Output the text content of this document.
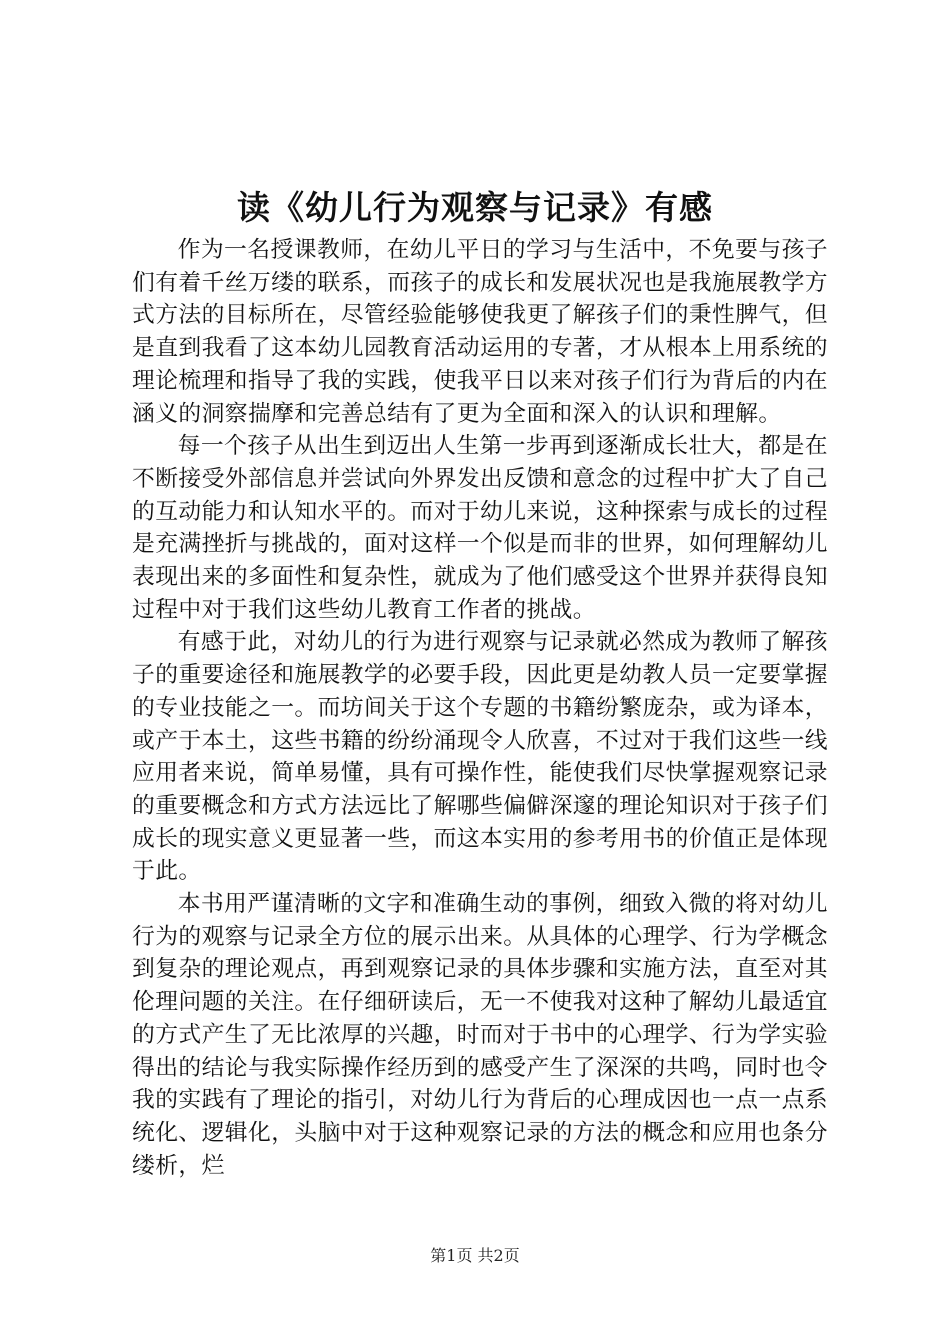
读《幼儿行为观察与记录》有感

作为一名授课教师，在幼儿平日的学习与生活中，不免要与孩子们有着千丝万缕的联系，而孩子的成长和发展状况也是我施展教学方式方法的目标所在，尽管经验能够使我更了解孩子们的秉性脾气，但是直到我看了这本幼儿园教育活动运用的专著，才从根本上用系统的理论梳理和指导了我的实践，使我平日以来对孩子们行为背后的内在涵义的洞察揣摩和完善总结有了更为全面和深入的认识和理解。

每一个孩子从出生到迈出人生第一步再到逐渐成长壮大，都是在不断接受外部信息并尝试向外界发出反馈和意念的过程中扩大了自己的互动能力和认知水平的。而对于幼儿来说，这种探索与成长的过程是充满挫折与挑战的，面对这样一个似是而非的世界，如何理解幼儿表现出来的多面性和复杂性，就成为了他们感受这个世界并获得良知过程中对于我们这些幼儿教育工作者的挑战。

有感于此，对幼儿的行为进行观察与记录就必然成为教师了解孩子的重要途径和施展教学的必要手段，因此更是幼教人员一定要掌握的专业技能之一。而坊间关于这个专题的书籍纷繁庞杂，或为译本，或产于本土，这些书籍的纷纷涌现令人欣喜，不过对于我们这些一线应用者来说，简单易懂，具有可操作性，能使我们尽快掌握观察记录的重要概念和方式方法远比了解哪些偏僻深邃的理论知识对于孩子们成长的现实意义更显著一些，而这本实用的参考用书的价值正是体现于此。

本书用严谨清晰的文字和准确生动的事例，细致入微的将对幼儿行为的观察与记录全方位的展示出来。从具体的心理学、行为学概念到复杂的理论观点，再到观察记录的具体步骤和实施方法，直至对其伦理问题的关注。在仔细研读后，无一不使我对这种了解幼儿最适宜的方式产生了无比浓厚的兴趣，时而对于书中的心理学、行为学实验得出的结论与我实际操作经历到的感受产生了深深的共鸣，同时也令我的实践有了理论的指引，对幼儿行为背后的心理成因也一点一点系统化、逻辑化，头脑中对于这种观察记录的方法的概念和应用也条分缕析，烂

第1页 共2页
